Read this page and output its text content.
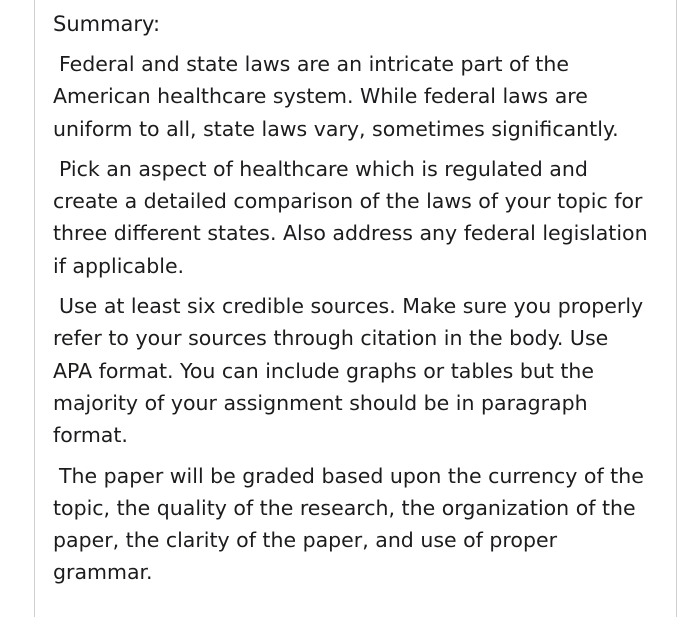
Summary:
Federal and state laws are an intricate part of the
American healthcare system. While federal laws are
uniform to all, state laws vary, sometimes significantly.
Pick an aspect of healthcare which is regulated and
create a detailed comparison of the laws of your topic for
three different states. Also address any federal legislation
if applicable.
Use at least six credible sources. Make sure you properly
refer to your sources through citation in the body. Use
APA format. You can include graphs or tables but the
majority of your assignment should be in paragraph
format.
The paper will be graded based upon the currency of the
topic, the quality of the research, the organization of the
paper, the clarity of the paper, and use of proper
grammar.
